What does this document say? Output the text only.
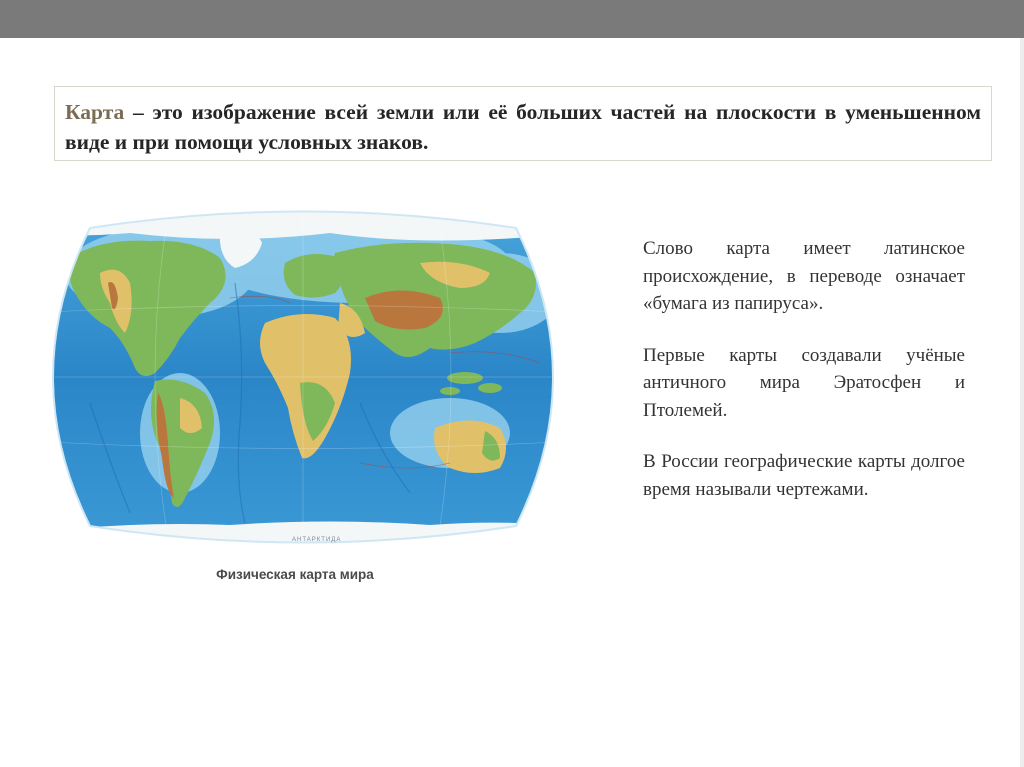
Карта – это изображение всей земли или её больших частей на плоскости в уменьшенном виде и при помощи условных знаков.
АНТАРКТИДА
Физическая карта мира

Слово карта имеет латинское происхождение, в переводе означает «бумага из папируса».

Первые карты создавали учёные античного мира Эратосфен и Птолемей.

В России географические карты долгое время называли чертежами.
